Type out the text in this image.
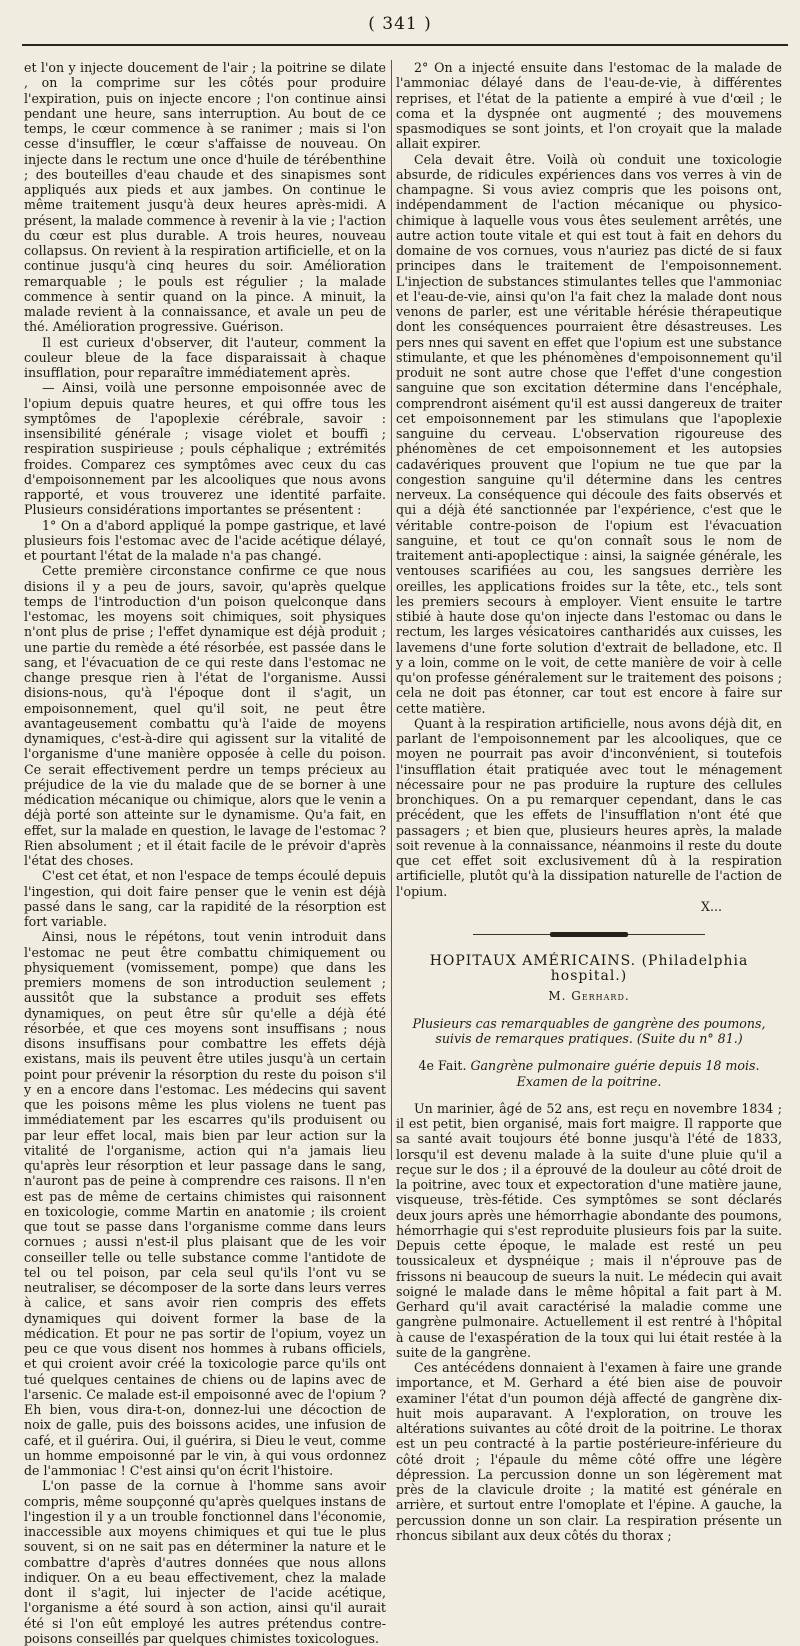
( 341 )

et l'on y injecte doucement de l'air ; la poitrine se dilate , on la comprime sur les côtés pour produire l'expiration, puis on injecte encore ; l'on continue ainsi pendant une heure, sans interruption. Au bout de ce temps, le cœur commence à se ranimer ; mais si l'on cesse d'insuffler, le cœur s'affaisse de nouveau. On injecte dans le rectum une once d'huile de térébenthine ; des bouteilles d'eau chaude et des sinapismes sont appliqués aux pieds et aux jambes. On continue le même traitement jusqu'à deux heures après-midi. A présent, la malade commence à revenir à la vie ; l'action du cœur est plus durable. A trois heures, nouveau collapsus. On revient à la respiration artificielle, et on la continue jusqu'à cinq heures du soir. Amélioration remarquable ; le pouls est régulier ; la malade commence à sentir quand on la pince. A minuit, la malade revient à la connaissance, et avale un peu de thé. Amélioration progressive. Guérison.

Il est curieux d'observer, dit l'auteur, comment la couleur bleue de la face disparaissait à chaque insufflation, pour reparaître immédiatement après.

— Ainsi, voilà une personne empoisonnée avec de l'opium depuis quatre heures, et qui offre tous les symptômes de l'apoplexie cérébrale, savoir : insensibilité générale ; visage violet et bouffi ; respiration suspirieuse ; pouls céphalique ; extrémités froides. Comparez ces symptômes avec ceux du cas d'empoisonnement par les alcooliques que nous avons rapporté, et vous trouverez une identité parfaite. Plusieurs considérations importantes se présentent :

1° On a d'abord appliqué la pompe gastrique, et lavé plusieurs fois l'estomac avec de l'acide acétique délayé, et pourtant l'état de la malade n'a pas changé.

Cette première circonstance confirme ce que nous disions il y a peu de jours, savoir, qu'après quelque temps de l'introduction d'un poison quelconque dans l'estomac, les moyens soit chimiques, soit physiques n'ont plus de prise ; l'effet dynamique est déjà produit ; une partie du remède a été résorbée, est passée dans le sang, et l'évacuation de ce qui reste dans l'estomac ne change presque rien à l'état de l'organisme. Aussi disions-nous, qu'à l'époque dont il s'agit, un empoisonnement, quel qu'il soit, ne peut être avantageusement combattu qu'à l'aide de moyens dynamiques, c'est-à-dire qui agissent sur la vitalité de l'organisme d'une manière opposée à celle du poison. Ce serait effectivement perdre un temps précieux au préjudice de la vie du malade que de se borner à une médication mécanique ou chimique, alors que le venin a déjà porté son atteinte sur le dynamisme. Qu'a fait, en effet, sur la malade en question, le lavage de l'estomac ? Rien absolument ; et il était facile de le prévoir d'après l'état des choses.

C'est cet état, et non l'espace de temps écoulé depuis l'ingestion, qui doit faire penser que le venin est déjà passé dans le sang, car la rapidité de la résorption est fort variable.

Ainsi, nous le répétons, tout venin introduit dans l'estomac ne peut être combattu chimiquement ou physiquement (vomissement, pompe) que dans les premiers momens de son introduction seulement ; aussitôt que la substance a produit ses effets dynamiques, on peut être sûr qu'elle a déjà été résorbée, et que ces moyens sont insuffisans ; nous disons insuffisans pour combattre les effets déjà existans, mais ils peuvent être utiles jusqu'à un certain point pour prévenir la résorption du reste du poison s'il y en a encore dans l'estomac. Les médecins qui savent que les poisons même les plus violens ne tuent pas immédiatement par les escarres qu'ils produisent ou par leur effet local, mais bien par leur action sur la vitalité de l'organisme, action qui n'a jamais lieu qu'après leur résorption et leur passage dans le sang, n'auront pas de peine à comprendre ces raisons. Il n'en est pas de même de certains chimistes qui raisonnent en toxicologie, comme Martin en anatomie ; ils croient que tout se passe dans l'organisme comme dans leurs cornues ; aussi n'est-il plus plaisant que de les voir conseiller telle ou telle substance comme l'antidote de tel ou tel poison, par cela seul qu'ils l'ont vu se neutraliser, se décomposer de la sorte dans leurs verres à calice, et sans avoir rien compris des effets dynamiques qui doivent former la base de la médication. Et pour ne pas sortir de l'opium, voyez un peu ce que vous disent nos hommes à rubans officiels, et qui croient avoir créé la toxicologie parce qu'ils ont tué quelques centaines de chiens ou de lapins avec de l'arsenic. Ce malade est-il empoisonné avec de l'opium ? Eh bien, vous dira-t-on, donnez-lui une décoction de noix de galle, puis des boissons acides, une infusion de café, et il guérira. Oui, il guérira, si Dieu le veut, comme un homme empoisonné par le vin, à qui vous ordonnez de l'ammoniac ! C'est ainsi qu'on écrit l'histoire.

L'on passe de la cornue à l'homme sans avoir compris, même soupçonné qu'après quelques instans de l'ingestion il y a un trouble fonctionnel dans l'économie, inaccessible aux moyens chimiques et qui tue le plus souvent, si on ne sait pas en déterminer la nature et le combattre d'après d'autres données que nous allons indiquer. On a eu beau effectivement, chez la malade dont il s'agit, lui injecter de l'acide acétique, l'organisme a été sourd à son action, ainsi qu'il aurait été si l'on eût employé les autres prétendus contre-poisons conseillés par quelques chimistes toxicologues.

2° On a injecté ensuite dans l'estomac de la malade de l'ammoniac délayé dans de l'eau-de-vie, à différentes reprises, et l'état de la patiente a empiré à vue d'œil ; le coma et la dyspnée ont augmenté ; des mouvemens spasmodiques se sont joints, et l'on croyait que la malade allait expirer.

Cela devait être. Voilà où conduit une toxicologie absurde, de ridicules expériences dans vos verres à vin de champagne. Si vous aviez compris que les poisons ont, indépendamment de l'action mécanique ou physico-chimique à laquelle vous vous êtes seulement arrêtés, une autre action toute vitale et qui est tout à fait en dehors du domaine de vos cornues, vous n'auriez pas dicté de si faux principes dans le traitement de l'empoisonnement. L'injection de substances stimulantes telles que l'ammoniac et l'eau-de-vie, ainsi qu'on l'a fait chez la malade dont nous venons de parler, est une véritable hérésie thérapeutique dont les conséquences pourraient être désastreuses. Les pers nnes qui savent en effet que l'opium est une substance stimulante, et que les phénomènes d'empoisonnement qu'il produit ne sont autre chose que l'effet d'une congestion sanguine que son excitation détermine dans l'encéphale, comprendront aisément qu'il est aussi dangereux de traiter cet empoisonnement par les stimulans que l'apoplexie sanguine du cerveau. L'observation rigoureuse des phénomènes de cet empoisonnement et les autopsies cadavériques prouvent que l'opium ne tue que par la congestion sanguine qu'il détermine dans les centres nerveux. La conséquence qui découle des faits observés et qui a déjà été sanctionnée par l'expérience, c'est que le véritable contre-poison de l'opium est l'évacuation sanguine, et tout ce qu'on connaît sous le nom de traitement anti-apoplectique : ainsi, la saignée générale, les ventouses scarifiées au cou, les sangsues derrière les oreilles, les applications froides sur la tête, etc., tels sont les premiers secours à employer. Vient ensuite le tartre stibié à haute dose qu'on injecte dans l'estomac ou dans le rectum, les larges vésicatoires cantharidés aux cuisses, les lavemens d'une forte solution d'extrait de belladone, etc. Il y a loin, comme on le voit, de cette manière de voir à celle qu'on professe généralement sur le traitement des poisons ; cela ne doit pas étonner, car tout est encore à faire sur cette matière.

Quant à la respiration artificielle, nous avons déjà dit, en parlant de l'empoisonnement par les alcooliques, que ce moyen ne pourrait pas avoir d'inconvénient, si toutefois l'insufflation était pratiquée avec tout le ménagement nécessaire pour ne pas produire la rupture des cellules bronchiques. On a pu remarquer cependant, dans le cas précédent, que les effets de l'insufflation n'ont été que passagers ; et bien que, plusieurs heures après, la malade soit revenue à la connaissance, néanmoins il reste du doute que cet effet soit exclusivement dû à la respiration artificielle, plutôt qu'à la dissipation naturelle de l'action de l'opium.

X...

HOPITAUX AMÉRICAINS. (Philadelphia hospital.)
M. Gerhard.
Plusieurs cas remarquables de gangrène des poumons, suivis de remarques pratiques. (Suite du n° 81.)
4e Fait. Gangrène pulmonaire guérie depuis 18 mois. Examen de la poitrine.

Un marinier, âgé de 52 ans, est reçu en novembre 1834 ; il est petit, bien organisé, mais fort maigre. Il rapporte que sa santé avait toujours été bonne jusqu'à l'été de 1833, lorsqu'il est devenu malade à la suite d'une pluie qu'il a reçue sur le dos ; il a éprouvé de la douleur au côté droit de la poitrine, avec toux et expectoration d'une matière jaune, visqueuse, très-fétide. Ces symptômes se sont déclarés deux jours après une hémorrhagie abondante des poumons, hémorrhagie qui s'est reproduite plusieurs fois par la suite. Depuis cette époque, le malade est resté un peu toussicaleux et dyspnéique ; mais il n'éprouve pas de frissons ni beaucoup de sueurs la nuit. Le médecin qui avait soigné le malade dans le même hôpital a fait part à M. Gerhard qu'il avait caractérisé la maladie comme une gangrène pulmonaire. Actuellement il est rentré à l'hôpital à cause de l'exaspération de la toux qui lui était restée à la suite de la gangrène.

Ces antécédens donnaient à l'examen à faire une grande importance, et M. Gerhard a été bien aise de pouvoir examiner l'état d'un poumon déjà affecté de gangrène dix-huit mois auparavant. A l'exploration, on trouve les altérations suivantes au côté droit de la poitrine. Le thorax est un peu contracté à la partie postérieure-inférieure du côté droit ; l'épaule du même côté offre une légère dépression. La percussion donne un son légèrement mat près de la clavicule droite ; la matité est générale en arrière, et surtout entre l'omoplate et l'épine. A gauche, la percussion donne un son clair. La respiration présente un rhoncus sibilant aux deux côtés du thorax ;
